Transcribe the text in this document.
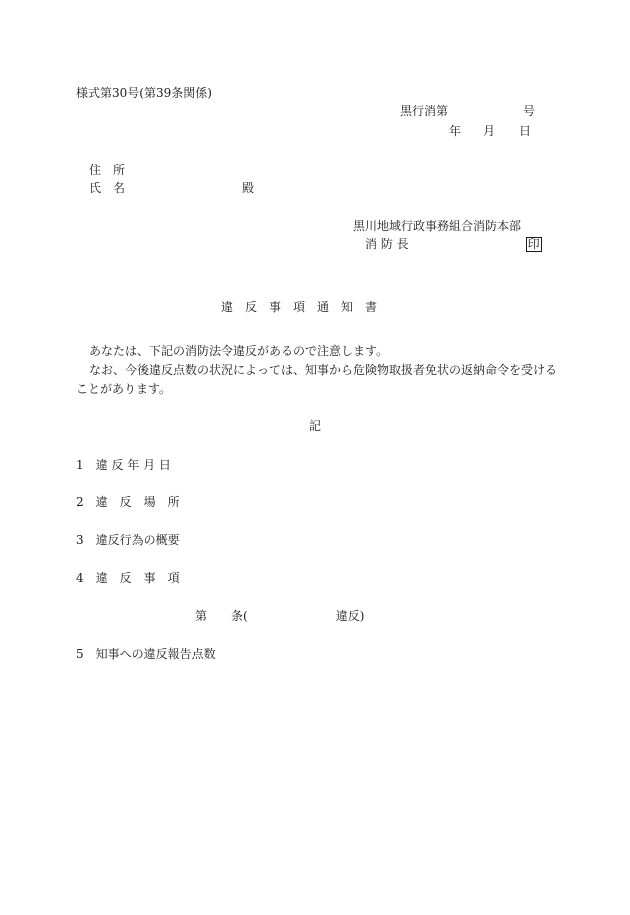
様式第30号(第39条関係)
黒行消第	号
年 月 日
住　所
氏　名	殿
黒川地域行政事務組合消防本部
消 防 長	印
違　反　事　項　通　知　書

あなたは、下記の消防法令違反があるので注意します。

なお、今後違反点数の状況によっては、知事から危険物取扱者免状の返納命令を受けることがあります。

記
1 違 反 年 月 日
2 違　反　場　所
3 違反行為の概要
4 違　反　事　項
第 条(	違反)
5 知事への違反報告点数
